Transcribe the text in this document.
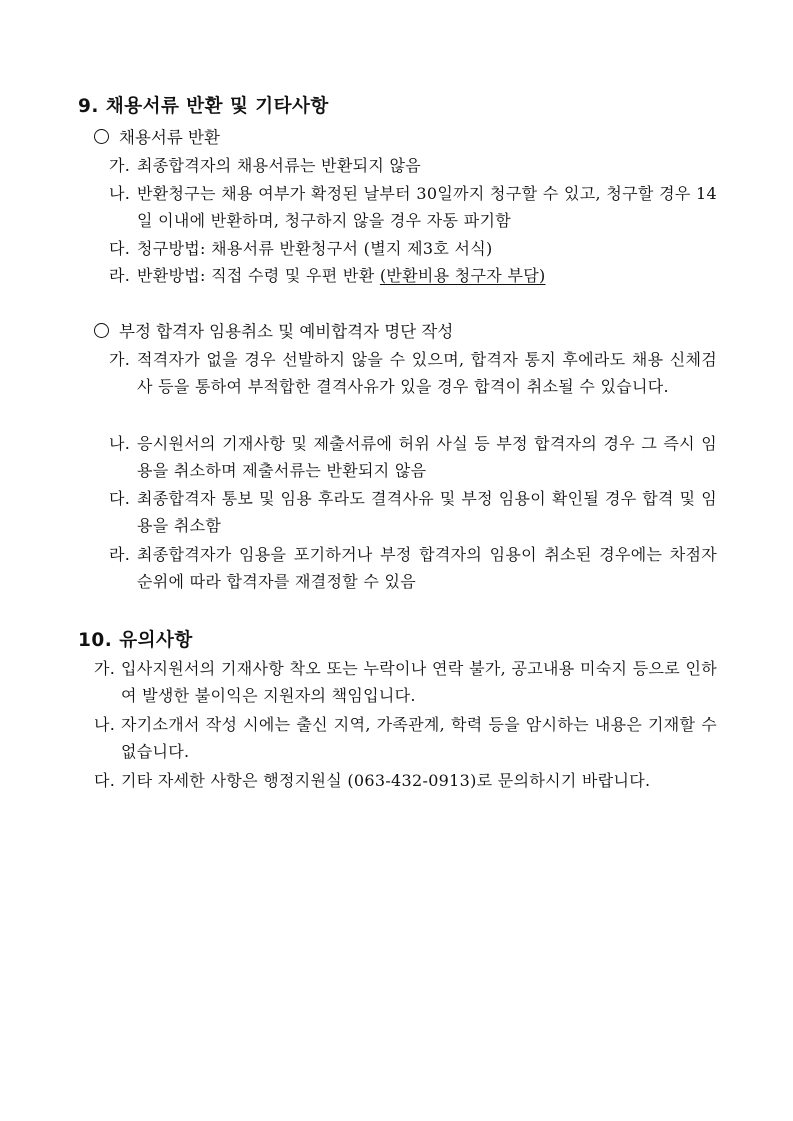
9. 채용서류 반환 및 기타사항
채용서류 반환
가. 최종합격자의 채용서류는 반환되지 않음
나. 반환청구는 채용 여부가 확정된 날부터 30일까지 청구할 수 있고, 청구할 경우 14일 이내에 반환하며, 청구하지 않을 경우 자동 파기함
다. 청구방법: 채용서류 반환청구서 (별지 제3호 서식)
라. 반환방법: 직접 수령 및 우편 반환 (반환비용 청구자 부담)
부정 합격자 임용취소 및 예비합격자 명단 작성
가. 적격자가 없을 경우 선발하지 않을 수 있으며, 합격자 통지 후에라도 채용 신체검사 등을 통하여 부적합한 결격사유가 있을 경우 합격이 취소될 수 있습니다.
나. 응시원서의 기재사항 및 제출서류에 허위 사실 등 부정 합격자의 경우 그 즉시 임용을 취소하며 제출서류는 반환되지 않음
다. 최종합격자 통보 및 임용 후라도 결격사유 및 부정 임용이 확인될 경우 합격 및 임용을 취소함
라. 최종합격자가 임용을 포기하거나 부정 합격자의 임용이 취소된 경우에는 차점자 순위에 따라 합격자를 재결정할 수 있음
10. 유의사항
가. 입사지원서의 기재사항 착오 또는 누락이나 연락 불가, 공고내용 미숙지 등으로 인하여 발생한 불이익은 지원자의 책임입니다.
나. 자기소개서 작성 시에는 출신 지역, 가족관계, 학력 등을 암시하는 내용은 기재할 수 없습니다.
다. 기타 자세한 사항은 행정지원실 (063-432-0913)로 문의하시기 바랍니다.
